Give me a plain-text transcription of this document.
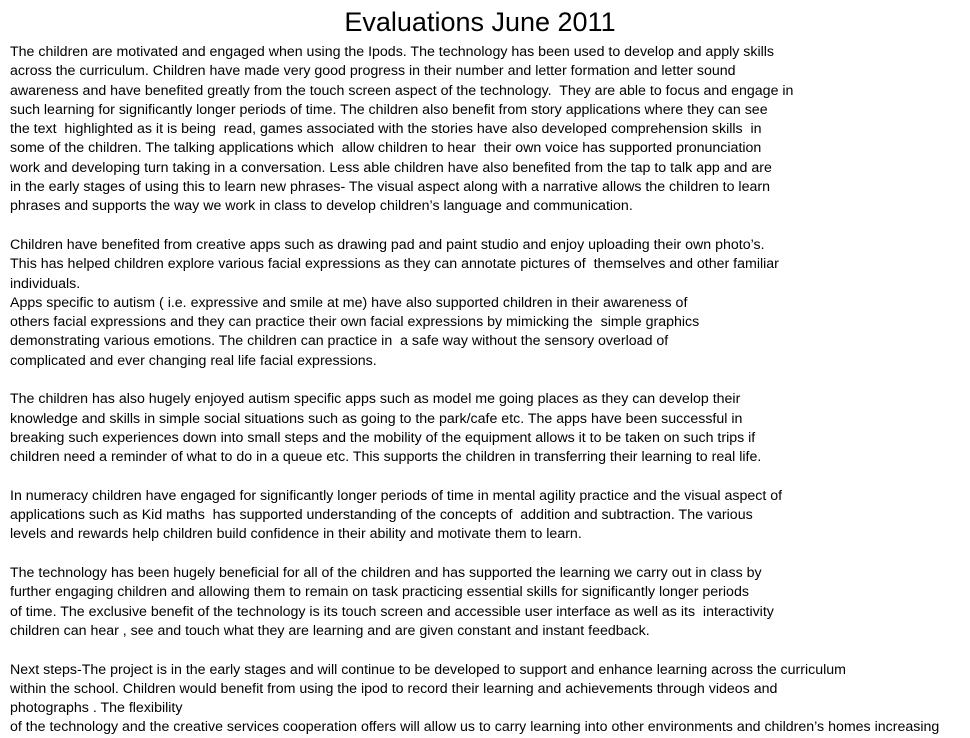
Evaluations June 2011
The children are motivated and engaged when using the Ipods. The technology has been used to develop and apply skills
across the curriculum. Children have made very good progress in their number and letter formation and letter sound
awareness and have benefited greatly from the touch screen aspect of the technology.  They are able to focus and engage in
such learning for significantly longer periods of time. The children also benefit from story applications where they can see
the text  highlighted as it is being  read, games associated with the stories have also developed comprehension skills  in
some of the children. The talking applications which  allow children to hear  their own voice has supported pronunciation
work and developing turn taking in a conversation. Less able children have also benefited from the tap to talk app and are
in the early stages of using this to learn new phrases- The visual aspect along with a narrative allows the children to learn
phrases and supports the way we work in class to develop children’s language and communication.
Children have benefited from creative apps such as drawing pad and paint studio and enjoy uploading their own photo’s.
This has helped children explore various facial expressions as they can annotate pictures of  themselves and other familiar
individuals.
Apps specific to autism ( i.e. expressive and smile at me) have also supported children in their awareness of
others facial expressions and they can practice their own facial expressions by mimicking the  simple graphics
demonstrating various emotions. The children can practice in  a safe way without the sensory overload of
complicated and ever changing real life facial expressions.
The children has also hugely enjoyed autism specific apps such as model me going places as they can develop their
knowledge and skills in simple social situations such as going to the park/cafe etc. The apps have been successful in
breaking such experiences down into small steps and the mobility of the equipment allows it to be taken on such trips if
children need a reminder of what to do in a queue etc. This supports the children in transferring their learning to real life.
In numeracy children have engaged for significantly longer periods of time in mental agility practice and the visual aspect of
applications such as Kid maths  has supported understanding of the concepts of  addition and subtraction. The various
levels and rewards help children build confidence in their ability and motivate them to learn.
The technology has been hugely beneficial for all of the children and has supported the learning we carry out in class by
further engaging children and allowing them to remain on task practicing essential skills for significantly longer periods
of time. The exclusive benefit of the technology is its touch screen and accessible user interface as well as its  interactivity
children can hear , see and touch what they are learning and are given constant and instant feedback.
Next steps-The project is in the early stages and will continue to be developed to support and enhance learning across the curriculum
within the school. Children would benefit from using the ipod to record their learning and achievements through videos and
photographs . The flexibility
of the technology and the creative services cooperation offers will allow us to carry learning into other environments and children’s homes increasing
